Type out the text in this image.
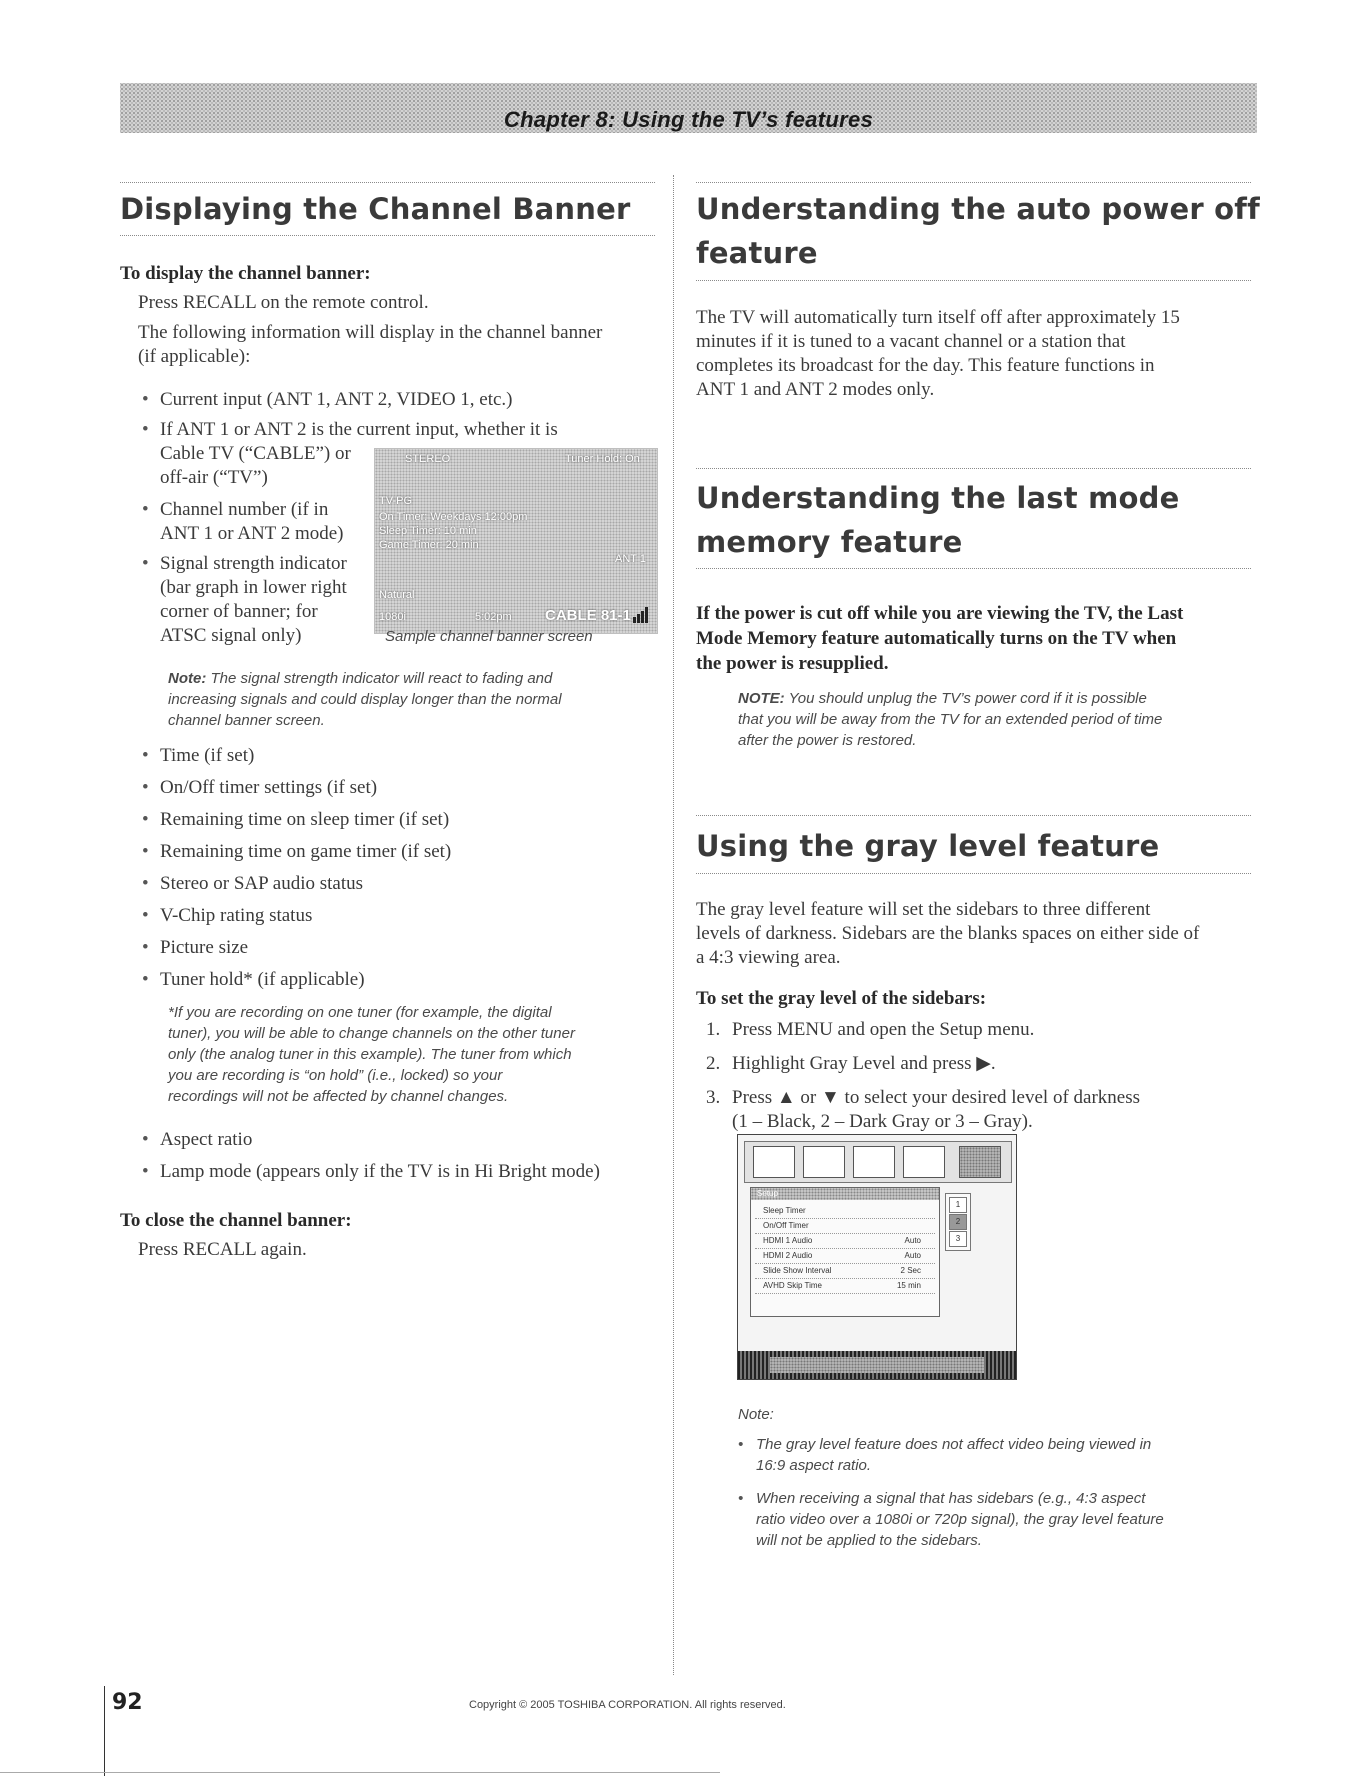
Chapter 8: Using the TV’s features
Displaying the Channel Banner
To display the channel banner:
Press RECALL on the remote control.
The following information will display in the channel banner
(if applicable):
• Current input (ANT 1, ANT 2, VIDEO 1, etc.)
• If ANT 1 or ANT 2 is the current input, whether it is
Cable TV (“CABLE”) or
off-air (“TV”)
• Channel number (if in
ANT 1 or ANT 2 mode)
• Signal strength indicator
(bar graph in lower right
corner of banner; for
ATSC signal only)
STEREO	Tuner Hold: On
TV-PG
On Timer: Weekdays 12:00pm
Sleep Timer: 10 min
Game Timer: 20 min
ANT 1
Natural
1080i	5:02pm CABLE 81-1
Sample channel banner screen
Note: The signal strength indicator will react to fading and
increasing signals and could display longer than the normal
channel banner screen.
• Time (if set)
• On/Off timer settings (if set)
• Remaining time on sleep timer (if set)
• Remaining time on game timer (if set)
• Stereo or SAP audio status
• V-Chip rating status
• Picture size
• Tuner hold* (if applicable)
*If you are recording on one tuner (for example, the digital
tuner), you will be able to change channels on the other tuner
only (the analog tuner in this example). The tuner from which
you are recording is “on hold” (i.e., locked) so your
recordings will not be affected by channel changes.
• Aspect ratio
• Lamp mode (appears only if the TV is in Hi Bright mode)
To close the channel banner:
Press RECALL again.
Understanding the auto power off
feature
The TV will automatically turn itself off after approximately 15
minutes if it is tuned to a vacant channel or a station that
completes its broadcast for the day. This feature functions in
ANT 1 and ANT 2 modes only.
Understanding the last mode
memory feature
If the power is cut off while you are viewing the TV, the Last
Mode Memory feature automatically turns on the TV when
the power is resupplied.
NOTE: You should unplug the TV’s power cord if it is possible
that you will be away from the TV for an extended period of time
after the power is restored.
Using the gray level feature
The gray level feature will set the sidebars to three different
levels of darkness. Sidebars are the blanks spaces on either side of
a 4:3 viewing area.
To set the gray level of the sidebars:
1. Press MENU and open the Setup menu.
2. Highlight Gray Level and press ▶.
3. Press ▲ or ▼ to select your desired level of darkness
(1 – Black, 2 – Dark Gray or 3 – Gray).
Setup
Sleep Timer
On/Off Timer
HDMI 1 Audio	Auto
HDMI 2 Audio	Auto
Slide Show Interval	2 Sec
AVHD Skip Time	15 min
1
2
3
Note:
• The gray level feature does not affect video being viewed in
16:9 aspect ratio.
• When receiving a signal that has sidebars (e.g., 4:3 aspect
ratio video over a 1080i or 720p signal), the gray level feature
will not be applied to the sidebars.
92	Copyright © 2005 TOSHIBA CORPORATION. All rights reserved.
